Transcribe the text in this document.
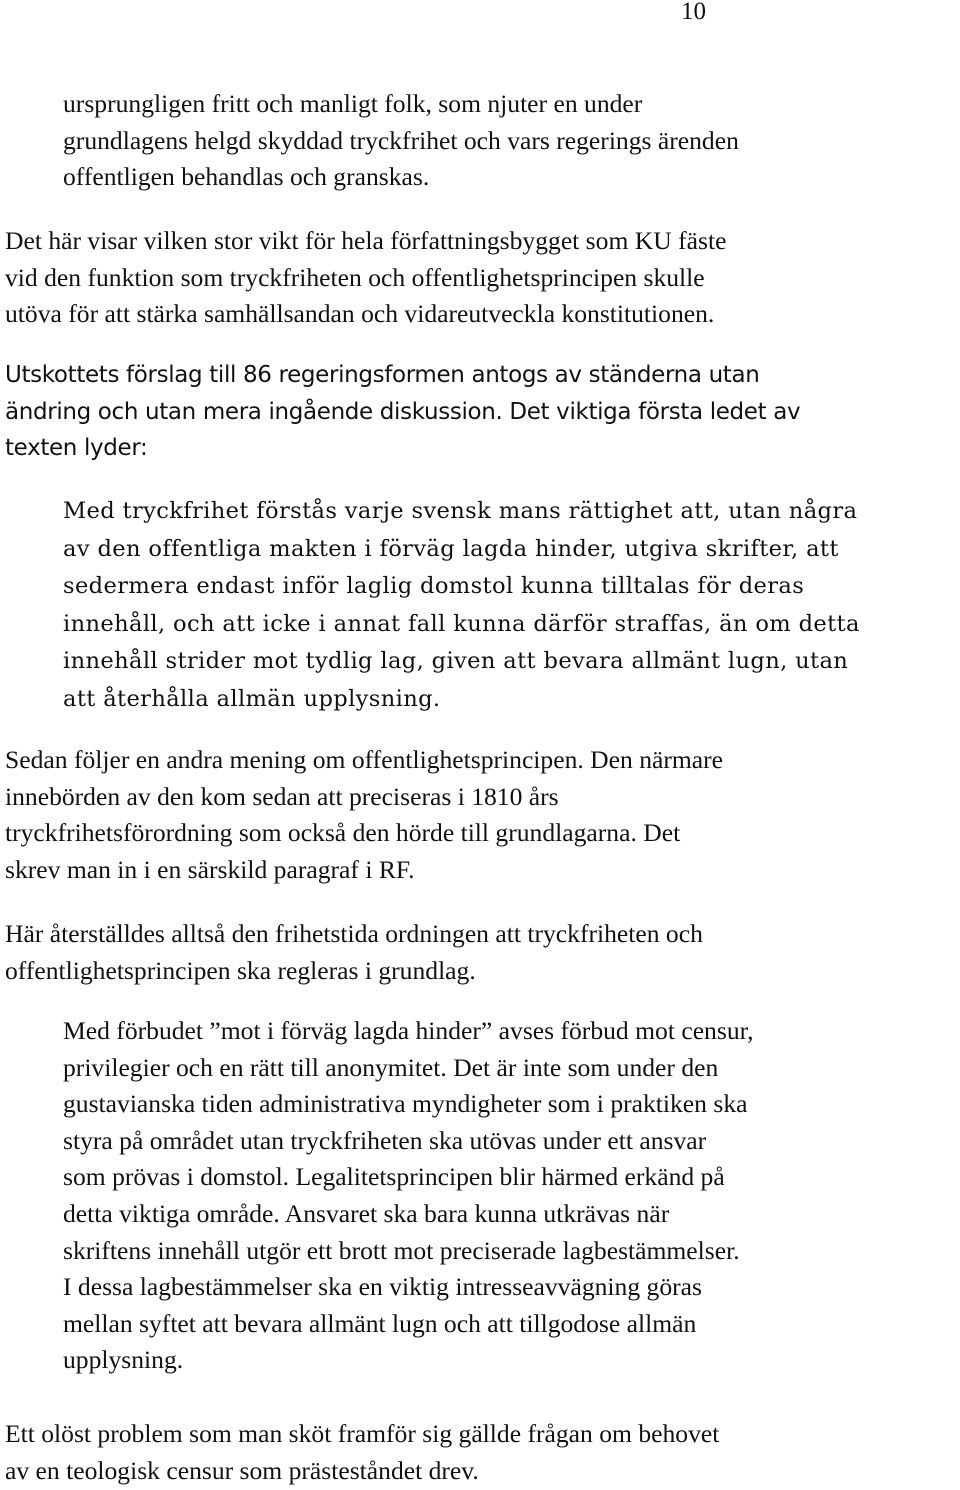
10

ursprungligen fritt och manligt folk, som njuter en under
grundlagens helgd skyddad tryckfrihet och vars regerings ärenden
offentligen behandlas och granskas.

Det här visar vilken stor vikt för hela författningsbygget som KU fäste
vid den funktion som tryckfriheten och offentlighetsprincipen skulle
utöva för att stärka samhällsandan och vidareutveckla konstitutionen.

Utskottets förslag till 86 regeringsformen antogs av ständerna utan
ändring och utan mera ingående diskussion. Det viktiga första ledet av
texten lyder:

Med tryckfrihet förstås varje svensk mans rättighet att, utan några
av den offentliga makten i förväg lagda hinder, utgiva skrifter, att
sedermera endast inför laglig domstol kunna tilltalas för deras
innehåll, och att icke i annat fall kunna därför straffas, än om detta
innehåll strider mot tydlig lag, given att bevara allmänt lugn, utan
att återhålla allmän upplysning.

Sedan följer en andra mening om offentlighetsprincipen. Den närmare
innebörden av den kom sedan att preciseras i 1810 års
tryckfrihetsförordning som också den hörde till grundlagarna. Det
skrev man in i en särskild paragraf i RF.

Här återställdes alltså den frihetstida ordningen att tryckfriheten och
offentlighetsprincipen ska regleras i grundlag.

Med förbudet ”mot i förväg lagda hinder” avses förbud mot censur,
privilegier och en rätt till anonymitet. Det är inte som under den
gustavianska tiden administrativa myndigheter som i praktiken ska
styra på området utan tryckfriheten ska utövas under ett ansvar
som prövas i domstol. Legalitetsprincipen blir härmed erkänd på
detta viktiga område. Ansvaret ska bara kunna utkrävas när
skriftens innehåll utgör ett brott mot preciserade lagbestämmelser.
I dessa lagbestämmelser ska en viktig intresseavvägning göras
mellan syftet att bevara allmänt lugn och att tillgodose allmän
upplysning.

Ett olöst problem som man sköt framför sig gällde frågan om behovet
av en teologisk censur som prästeståndet drev.
